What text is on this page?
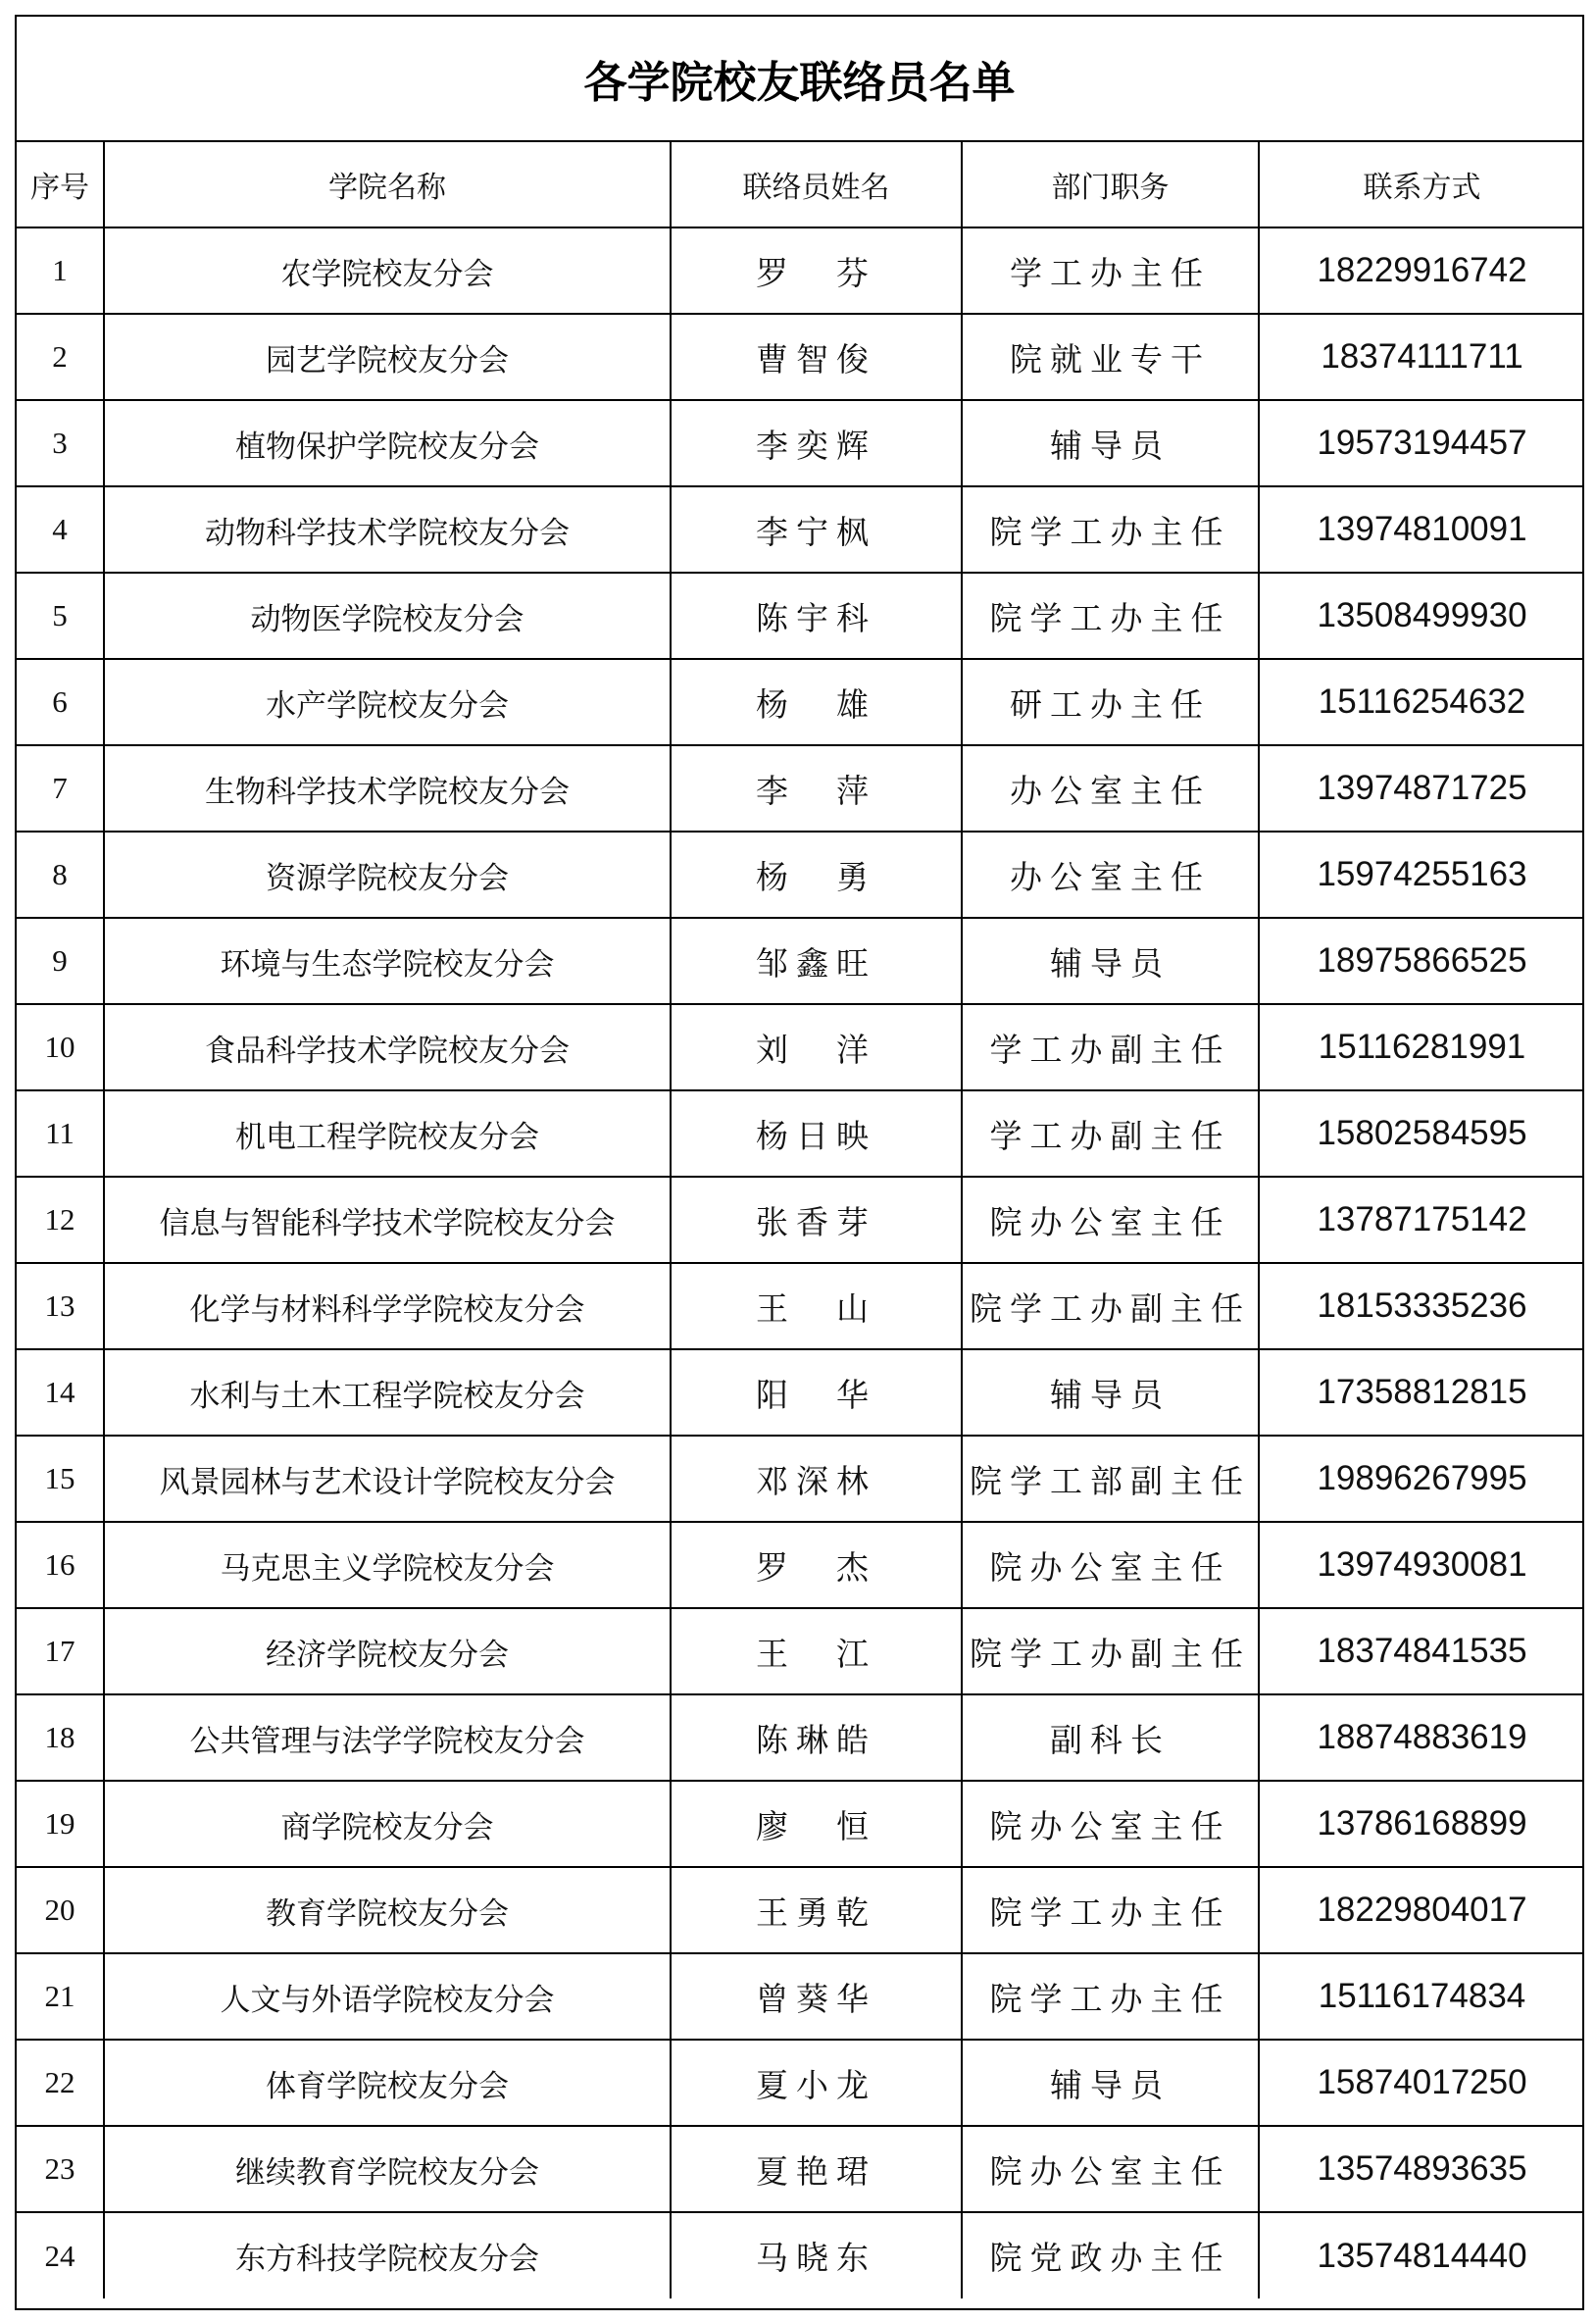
各学院校友联络员名单
序号	学院名称	联络员姓名	部门职务	联系方式
1	农学院校友分会	罗　芬	学工办主任	18229916742
2	园艺学院校友分会	曹智俊	院就业专干	18374111711
3	植物保护学院校友分会	李奕辉	辅导员	19573194457
4	动物科学技术学院校友分会	李宁枫	院学工办主任	13974810091
5	动物医学院校友分会	陈宇科	院学工办主任	13508499930
6	水产学院校友分会	杨　雄	研工办主任	15116254632
7	生物科学技术学院校友分会	李　萍	办公室主任	13974871725
8	资源学院校友分会	杨　勇	办公室主任	15974255163
9	环境与生态学院校友分会	邹鑫旺	辅导员	18975866525
10	食品科学技术学院校友分会	刘　洋	学工办副主任	15116281991
11	机电工程学院校友分会	杨日映	学工办副主任	15802584595
12	信息与智能科学技术学院校友分会	张香芽	院办公室主任	13787175142
13	化学与材料科学学院校友分会	王　山	院学工办副主任	18153335236
14	水利与土木工程学院校友分会	阳　华	辅导员	17358812815
15	风景园林与艺术设计学院校友分会	邓深林	院学工部副主任	19896267995
16	马克思主义学院校友分会	罗　杰	院办公室主任	13974930081
17	经济学院校友分会	王　江	院学工办副主任	18374841535
18	公共管理与法学学院校友分会	陈琳皓	副科长	18874883619
19	商学院校友分会	廖　恒	院办公室主任	13786168899
20	教育学院校友分会	王勇乾	院学工办主任	18229804017
21	人文与外语学院校友分会	曾葵华	院学工办主任	15116174834
22	体育学院校友分会	夏小龙	辅导员	15874017250
23	继续教育学院校友分会	夏艳珺	院办公室主任	13574893635
24	东方科技学院校友分会	马晓东	院党政办主任	13574814440
